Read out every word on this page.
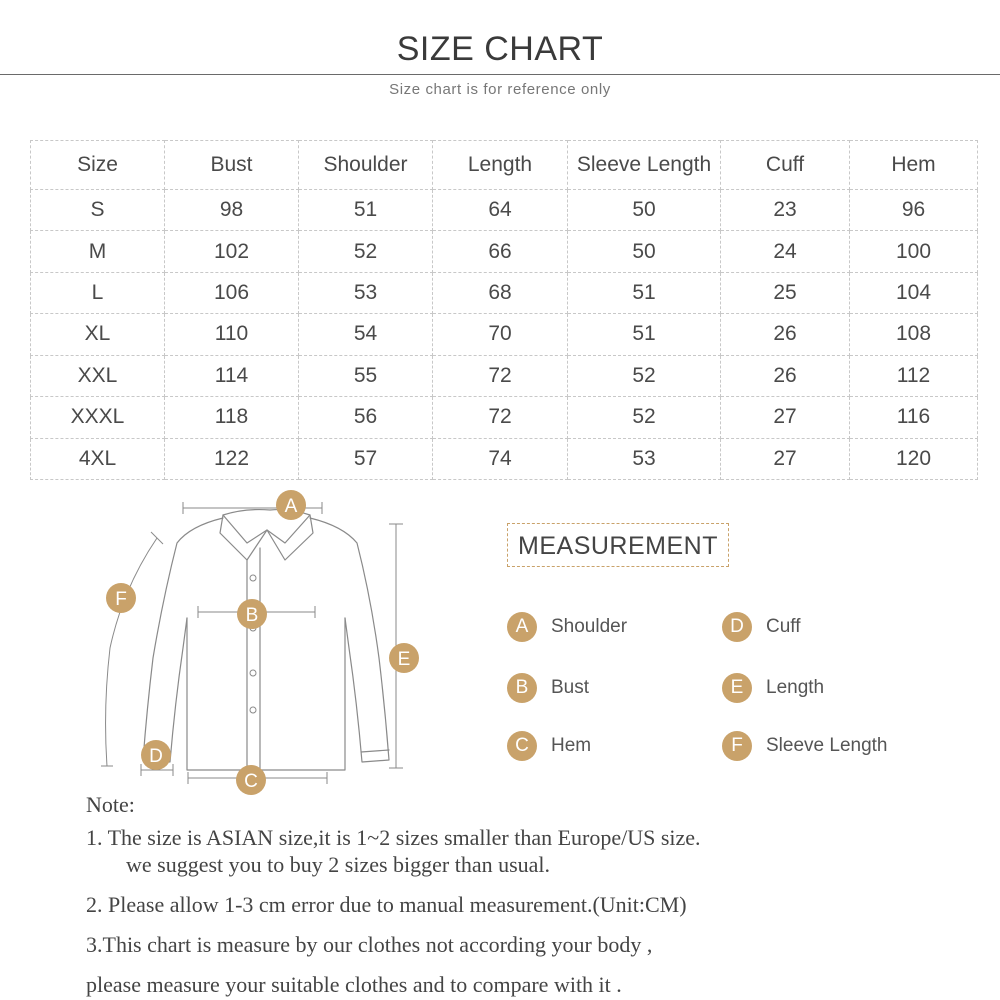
SIZE CHART
Size chart is for reference only
Size	Bust	Shoulder	Length	Sleeve Length	Cuff	Hem
S	98	51	64	50	23	96
M	102	52	66	50	24	100
L	106	53	68	51	25	104
XL	110	54	70	51	26	108
XXL	114	55	72	52	26	112
XXXL	118	56	72	52	27	116
4XL	122	57	74	53	27	120
A
B
C
D
E
F
MEASUREMENT
A	Shoulder
B	Bust
C	Hem
D	Cuff
E	Length
F	Sleeve Length
Note:
1. The size is ASIAN size,it is 1~2 sizes smaller than Europe/US size.
we suggest you to buy 2 sizes bigger than usual.
2. Please allow 1-3 cm error due to manual measurement.(Unit:CM)
3.This chart is measure by our clothes not according your body ,
please measure your suitable clothes and to compare with it .
